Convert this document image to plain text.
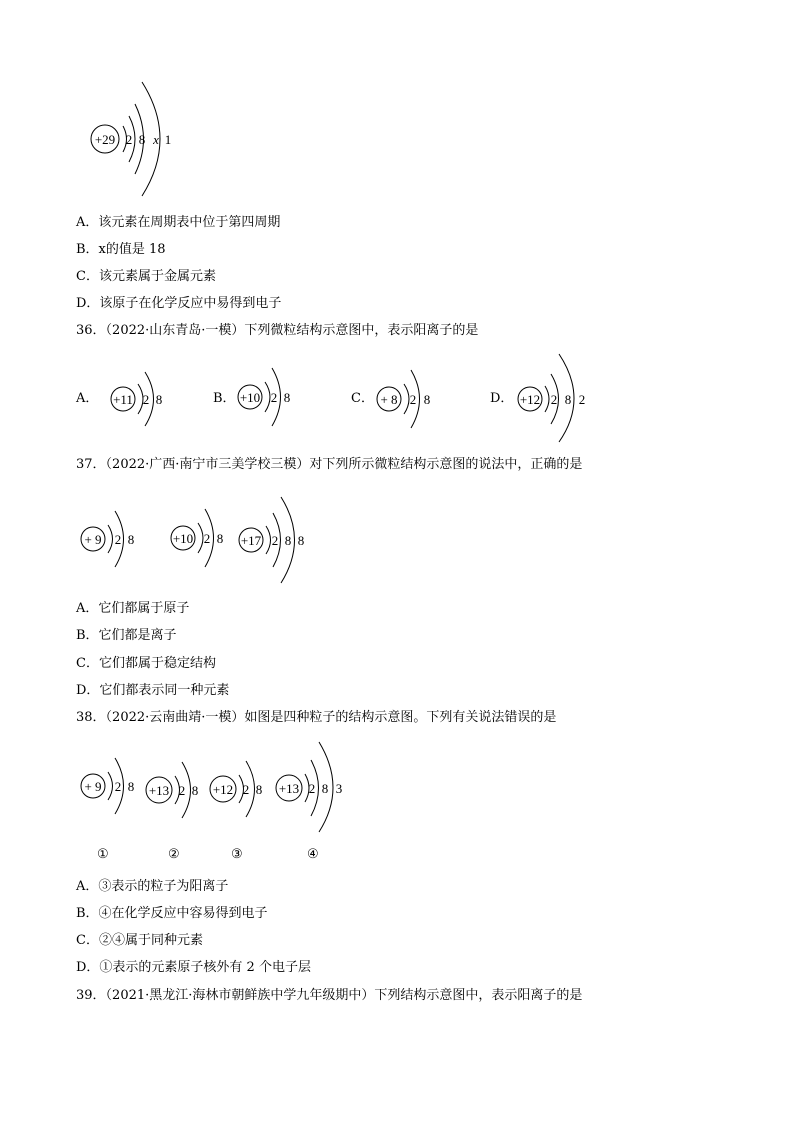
+29 2 8 x 1
A．该元素在周期表中位于第四周期
B．x的值是 18
C．该元素属于金属元素
D．该原子在化学反应中易得到电子
36．（2022·山东青岛·一模）下列微粒结构示意图中，表示阳离子的是
A． +11 2 8	B． +10 2 8	C． + 8 2 8	D． +12 2 8 2
37．（2022·广西·南宁市三美学校三模）对下列所示微粒结构示意图的说法中，正确的是
+ 9 2 8	+10 2 8 +17 2 8 8
A．它们都属于原子
B．它们都是离子
C．它们都属于稳定结构
D．它们都表示同一种元素
38．（2022·云南曲靖·一模）如图是四种粒子的结构示意图。下列有关说法错误的是
+ 9 2 8 +13 2 8 +12 2 8 +13 2 8 3
①	②	③	④
A．③表示的粒子为阳离子
B．④在化学反应中容易得到电子
C．②④属于同种元素
D．①表示的元素原子核外有 2 个电子层
39．（2021·黑龙江·海林市朝鲜族中学九年级期中）下列结构示意图中，表示阳离子的是
